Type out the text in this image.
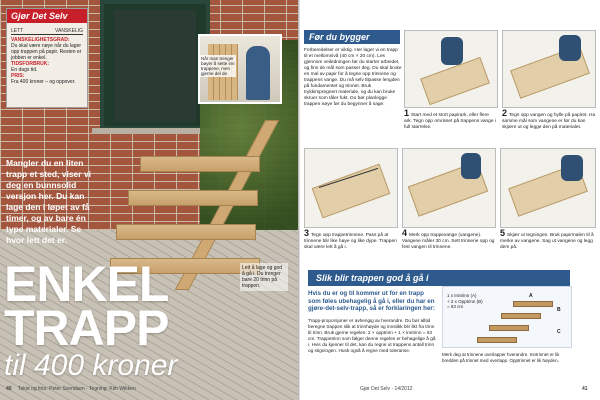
Gjør Det Selv
LETT	VANSKELIG
VANSKELIGHETSGRAD:
Du skal være nøye når du lager opp trappen på papir. Resten er jobben er enkel.
TIDSFORBRUK:
En dags tid.
PRIS:
Fra 400 kroner – og oppover.
Når man trenger bøyer å sette inn trappene, men gjerne del de.
Mangler du en liten trapp et sted, viser vi deg en bunnsolid versjon her. Du kan lage den i løpet av få timer, og av bare én type materialer. Se hvor lett det er.
ENKEL
TRAPP
til 400 kroner
Lett å lage og god å gå i. Du trenger bare 20 trinn på trappen.
40 Tekst og foto: Peter Svendsen · Tegning: Kim Wikken
Før du bygger
Forberedelser er viktig. Her lager vi en trapp til et mellomnivå (40 cm × 20 cm). Les gjennom veiledningen før du starter arbeidet, og finn de mål som passer deg. Du skal bruke en mal av papir for å tegne opp trinnene og trappens vange. Du må selv tilpasse lengden på fundamentet og trinnet. Bruk trykkimpregnert materiale, og du kan bruke skruer som tåler fukt. Du bør planlegge trappen nøye før du begynner å sage.
1 Start med et stort papirark, eller flere ark. Tegn opp omrisset på trappens vange i full størrelse.
2 Tegn opp vangen og hylle på papiret. Ha samme mål som vangene er før du kan skjære ut og legge den på materialet.
3 Tegn opp trappetrinnene. Pass på at trinnene blir like høye og like dype. Trappen skal være lett å gå i.
4 Merk opp trappevange (vangene). Vangene måler 30 cm. Sett trinnene opp og fest vangen til trinnene.
5 Skjær ut tegningen. Bruk papirmalen til å merke av vangene. Sag ut vangene og legg dem på.
Slik blir trappen god å gå i
Hvis du er og til kommer ut for en trapp som føles ubehagelig å gå i, eller du har en gjøre-det-selv-trapp, så er forklaringen her:
Trapp-proporsjoner er avhengig av hverandre. Du bør alltid beregne trappen slik at trinnhøyde og innstikk blir likt fra trinn til trinn. Bruk gjerne regelen: 2 × opptrinn + 1 × inntrinn = 63 cm. Trappetrinn som følger denne regelen er behagelige å gå i. Hvis du kjenner til det, kan du regne ut trappens antall trinn og stigningen. Husk også å regne med toleranse.
1 x Inntrinn (A)
+ 2 x Opptrinn (B)
= 63 cm
A
B
C
Merk deg at trinnene overlapper hverandre. Inntrinnet er lik bredden på trinnet med overlapp. Opptrinnet er lik høyden.
Gjør Det Selv · 14/2012	41
